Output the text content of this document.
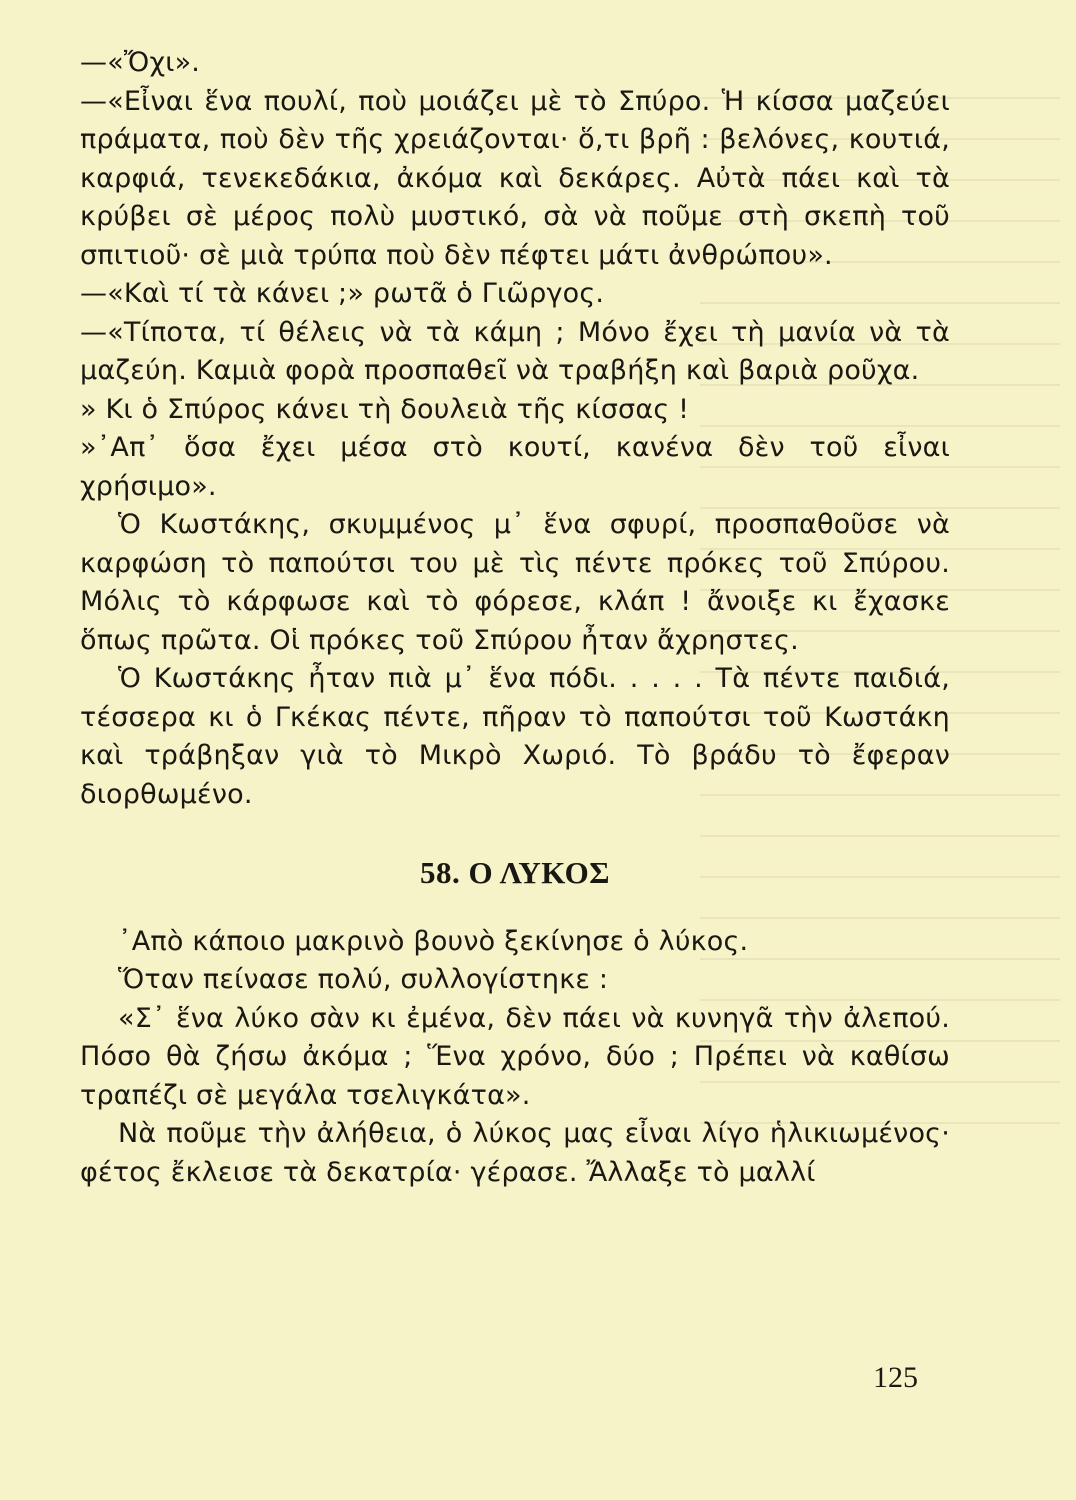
—«Ὄχι».

—«Εἶναι ἕνα πουλί, ποὺ μοιάζει μὲ τὸ Σπύρο. Ἡ κίσσα μαζεύει πράματα, ποὺ δὲν τῆς χρειάζονται· ὅ,τι βρῆ : βελόνες, κουτιά, καρφιά, τενεκεδάκια, ἀκόμα καὶ δεκάρες. Αὐτὰ πάει καὶ τὰ κρύβει σὲ μέρος πολὺ μυστικό, σὰ νὰ ποῦμε στὴ σκεπὴ τοῦ σπιτιοῦ· σὲ μιὰ τρύπα ποὺ δὲν πέφτει μάτι ἀνθρώπου».

—«Καὶ τί τὰ κάνει ;» ρωτᾶ ὁ Γιῶργος.

—«Τίποτα, τί θέλεις νὰ τὰ κάμη ; Μόνο ἔχει τὴ μανία νὰ τὰ μαζεύη. Καμιὰ φορὰ προσπαθεῖ νὰ τραβήξη καὶ βαριὰ ροῦχα.

» Κι ὁ Σπύρος κάνει τὴ δουλειὰ τῆς κίσσας !

»᾿Απ᾿ ὅσα ἔχει μέσα στὸ κουτί, κανένα δὲν τοῦ εἶναι χρήσιμο».

Ὁ Κωστάκης, σκυμμένος μ᾿ ἕνα σφυρί, προσπαθοῦσε νὰ καρφώση τὸ παπούτσι του μὲ τὶς πέντε πρόκες τοῦ Σπύρου. Μόλις τὸ κάρφωσε καὶ τὸ φόρεσε, κλάπ ! ἄνοιξε κι ἔχασκε ὅπως πρῶτα. Οἱ πρόκες τοῦ Σπύρου ἦταν ἄχρηστες.

Ὁ Κωστάκης ἦταν πιὰ μ᾿ ἕνα πόδι. . . . . Τὰ πέντε παιδιά, τέσσερα κι ὁ Γκέκας πέντε, πῆραν τὸ παπούτσι τοῦ Κωστάκη καὶ τράβηξαν γιὰ τὸ Μικρὸ Χωριό. Τὸ βράδυ τὸ ἔφεραν διορθωμένο.

58. Ο ΛΥΚΟΣ

᾿Απὸ κάποιο μακρινὸ βουνὸ ξεκίνησε ὁ λύκος.

Ὅταν πείνασε πολύ, συλλογίστηκε :

«Σ᾿ ἕνα λύκο σὰν κι ἐμένα, δὲν πάει νὰ κυνηγᾶ τὴν ἀλεπού. Πόσο θὰ ζήσω ἀκόμα ; Ἕνα χρόνο, δύο ; Πρέπει νὰ καθίσω τραπέζι σὲ μεγάλα τσελιγκάτα».

Νὰ ποῦμε τὴν ἀλήθεια, ὁ λύκος μας εἶναι λίγο ἡλικιωμένος· φέτος ἔκλεισε τὰ δεκατρία· γέρασε. Ἄλλαξε τὸ μαλλί

125
